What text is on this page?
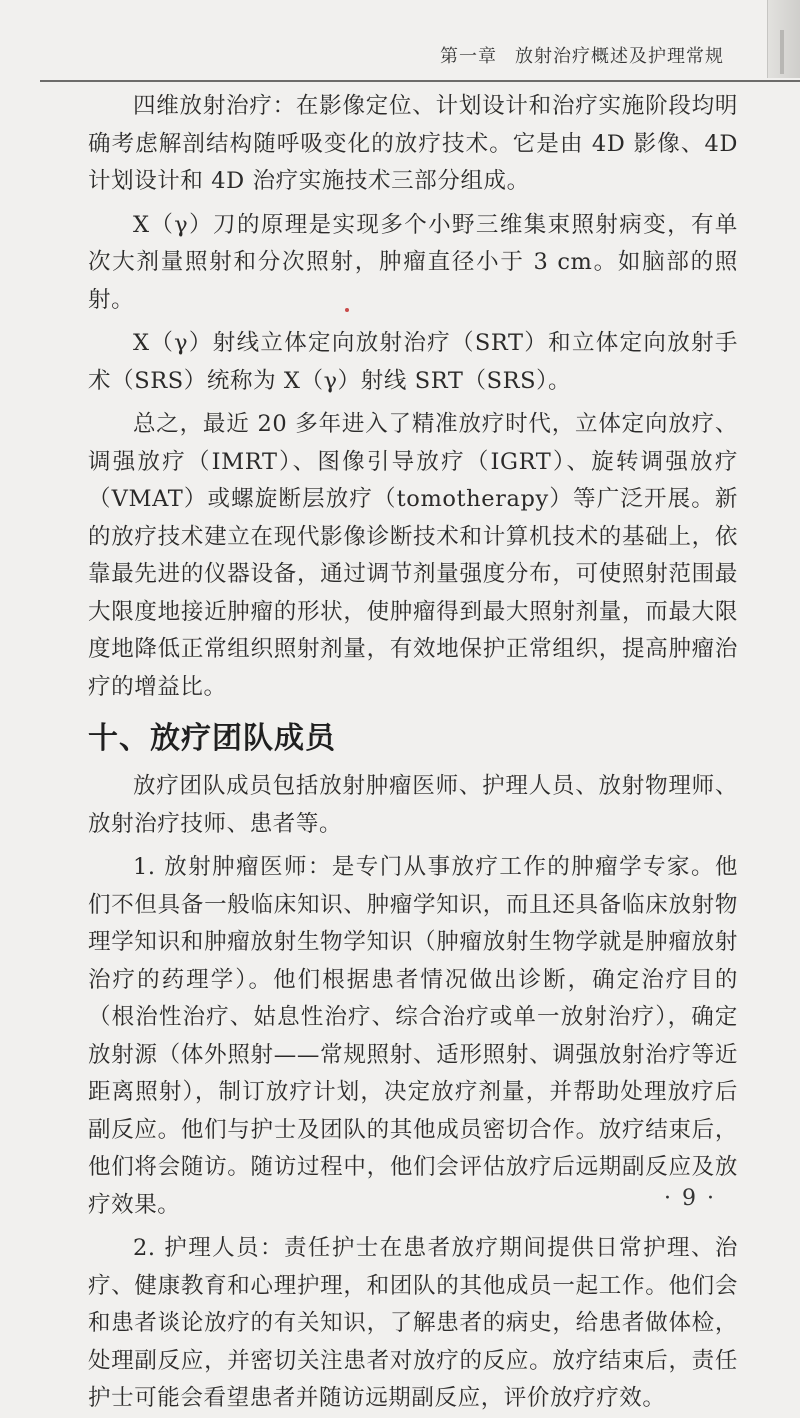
第一章 放射治疗概述及护理常规

四维放射治疗：在影像定位、计划设计和治疗实施阶段均明确考虑解剖结构随呼吸变化的放疗技术。它是由 4D 影像、4D 计划设计和 4D 治疗实施技术三部分组成。

X（γ）刀的原理是实现多个小野三维集束照射病变，有单次大剂量照射和分次照射，肿瘤直径小于 3 cm。如脑部的照射。

X（γ）射线立体定向放射治疗（SRT）和立体定向放射手术（SRS）统称为 X（γ）射线 SRT（SRS）。

总之，最近 20 多年进入了精准放疗时代，立体定向放疗、调强放疗（IMRT）、图像引导放疗（IGRT）、旋转调强放疗（VMAT）或螺旋断层放疗（tomotherapy）等广泛开展。新的放疗技术建立在现代影像诊断技术和计算机技术的基础上，依靠最先进的仪器设备，通过调节剂量强度分布，可使照射范围最大限度地接近肿瘤的形状，使肿瘤得到最大照射剂量，而最大限度地降低正常组织照射剂量，有效地保护正常组织，提高肿瘤治疗的增益比。

十、放疗团队成员

放疗团队成员包括放射肿瘤医师、护理人员、放射物理师、放射治疗技师、患者等。

1. 放射肿瘤医师：是专门从事放疗工作的肿瘤学专家。他们不但具备一般临床知识、肿瘤学知识，而且还具备临床放射物理学知识和肿瘤放射生物学知识（肿瘤放射生物学就是肿瘤放射治疗的药理学）。他们根据患者情况做出诊断，确定治疗目的（根治性治疗、姑息性治疗、综合治疗或单一放射治疗），确定放射源（体外照射——常规照射、适形照射、调强放射治疗等近距离照射），制订放疗计划，决定放疗剂量，并帮助处理放疗后副反应。他们与护士及团队的其他成员密切合作。放疗结束后，他们将会随访。随访过程中，他们会评估放疗后远期副反应及放疗效果。

2. 护理人员：责任护士在患者放疗期间提供日常护理、治疗、健康教育和心理护理，和团队的其他成员一起工作。他们会和患者谈论放疗的有关知识，了解患者的病史，给患者做体检，处理副反应，并密切关注患者对放疗的反应。放疗结束后，责任护士可能会看望患者并随访远期副反应，评价放疗疗效。

· 9 ·
